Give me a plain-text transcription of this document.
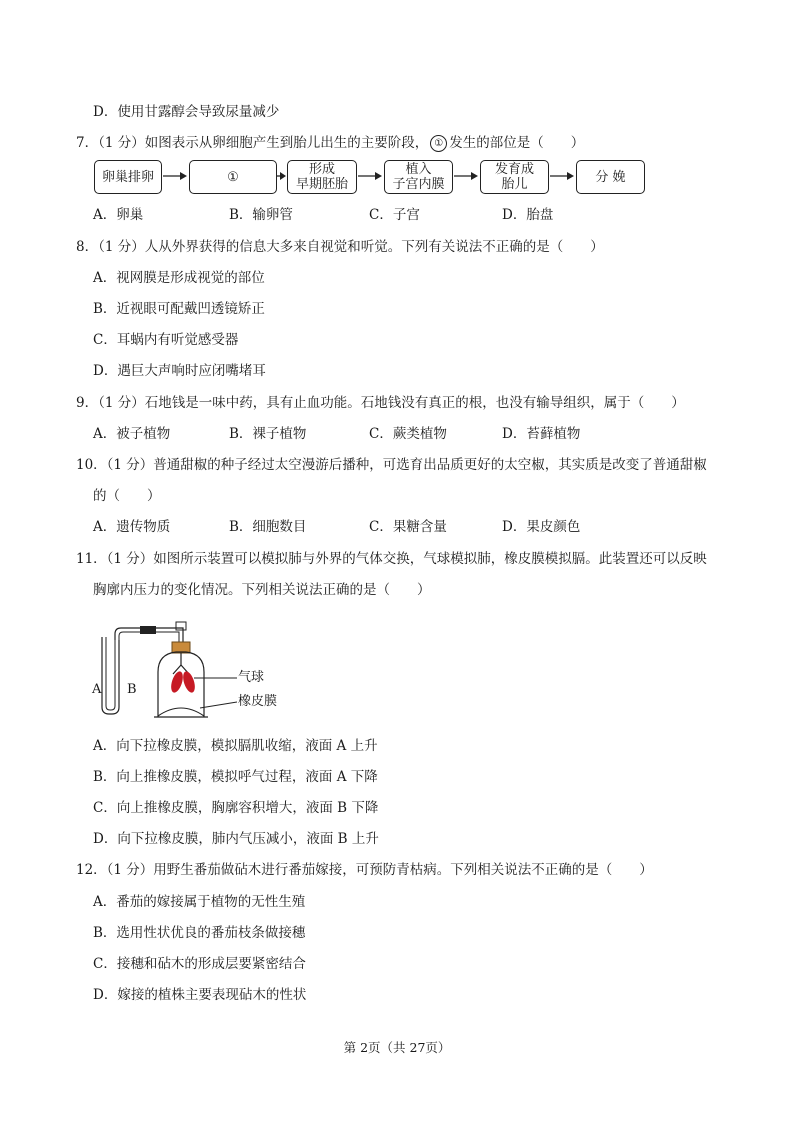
D．使用甘露醇会导致尿量减少
7．（1 分）如图表示从卵细胞产生到胎儿出生的主要阶段， ① 发生的部位是（　　）
卵巢排卵	①	形成
早期胚胎
植入
子宫内膜
发育成
胎儿	分 娩
A．卵巢	B．输卵管	C．子宫	D．胎盘
8．（1 分）人从外界获得的信息大多来自视觉和听觉。下列有关说法不正确的是（　　）
A．视网膜是形成视觉的部位
B．近视眼可配戴凹透镜矫正
C．耳蜗内有听觉感受器
D．遇巨大声响时应闭嘴堵耳
9．（1 分）石地钱是一味中药，具有止血功能。石地钱没有真正的根，也没有输导组织，属于（　　）
A．被子植物	B．裸子植物	C．蕨类植物	D．苔藓植物
10．（1 分）普通甜椒的种子经过太空漫游后播种，可选育出品质更好的太空椒，其实质是改变了普通甜椒
的（　　）
A．遗传物质	B．细胞数目	C．果糖含量	D．果皮颜色
11．（1 分）如图所示装置可以模拟肺与外界的气体交换，气球模拟肺，橡皮膜模拟膈。此装置还可以反映
胸廓内压力的变化情况。下列相关说法正确的是（　　）
A B
气球
橡皮膜
A．向下拉橡皮膜，模拟膈肌收缩，液面 A 上升
B．向上推橡皮膜，模拟呼气过程，液面 A 下降
C．向上推橡皮膜，胸廓容积增大，液面 B 下降
D．向下拉橡皮膜，肺内气压减小，液面 B 上升
12．（1 分）用野生番茄做砧木进行番茄嫁接，可预防青枯病。下列相关说法不正确的是（　　）
A．番茄的嫁接属于植物的无性生殖
B．选用性状优良的番茄枝条做接穗
C．接穗和砧木的形成层要紧密结合
D．嫁接的植株主要表现砧木的性状
第 2页（共 27页）
